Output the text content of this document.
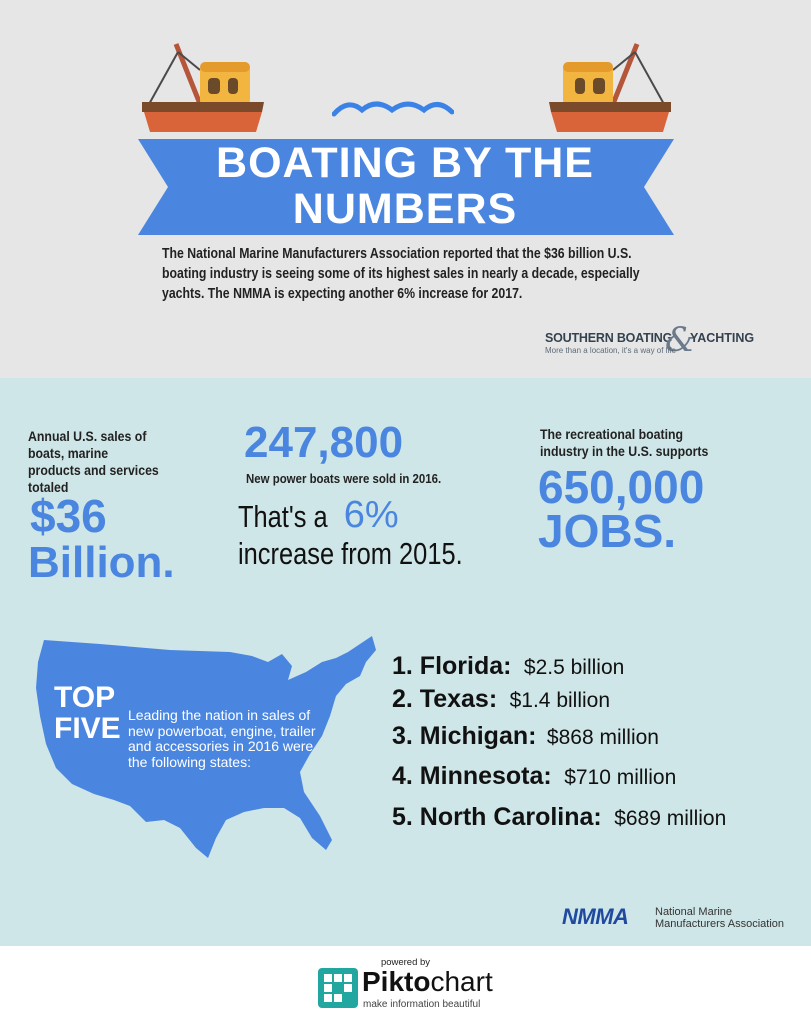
BOATING BY THE
NUMBERS
The National Marine Manufacturers Association reported that the $36 billion U.S. boating industry is seeing some of its highest sales in nearly a decade, especially yachts. The NMMA is expecting another 6% increase for 2017.
SOUTHERN BOATING
&
YACHTING
More than a location, it's a way of life
Annual U.S. sales of boats, marine products and services totaled
$36
Billion.
247,800
New power boats were sold in 2016.
That's a 6%
increase from 2015.
The recreational boating industry in the U.S. supports
650,000
JOBS.
TOP
FIVE Leading the nation in sales of new powerboat, engine, trailer and accessories in 2016 were the following states:
1. Florida: $2.5 billion
2. Texas: $1.4 billion
3. Michigan: $868 million
4. Minnesota: $710 million
5. North Carolina: $689 million
NMMA National Marine
Manufacturers Association
powered by
Piktochart
make information beautiful
